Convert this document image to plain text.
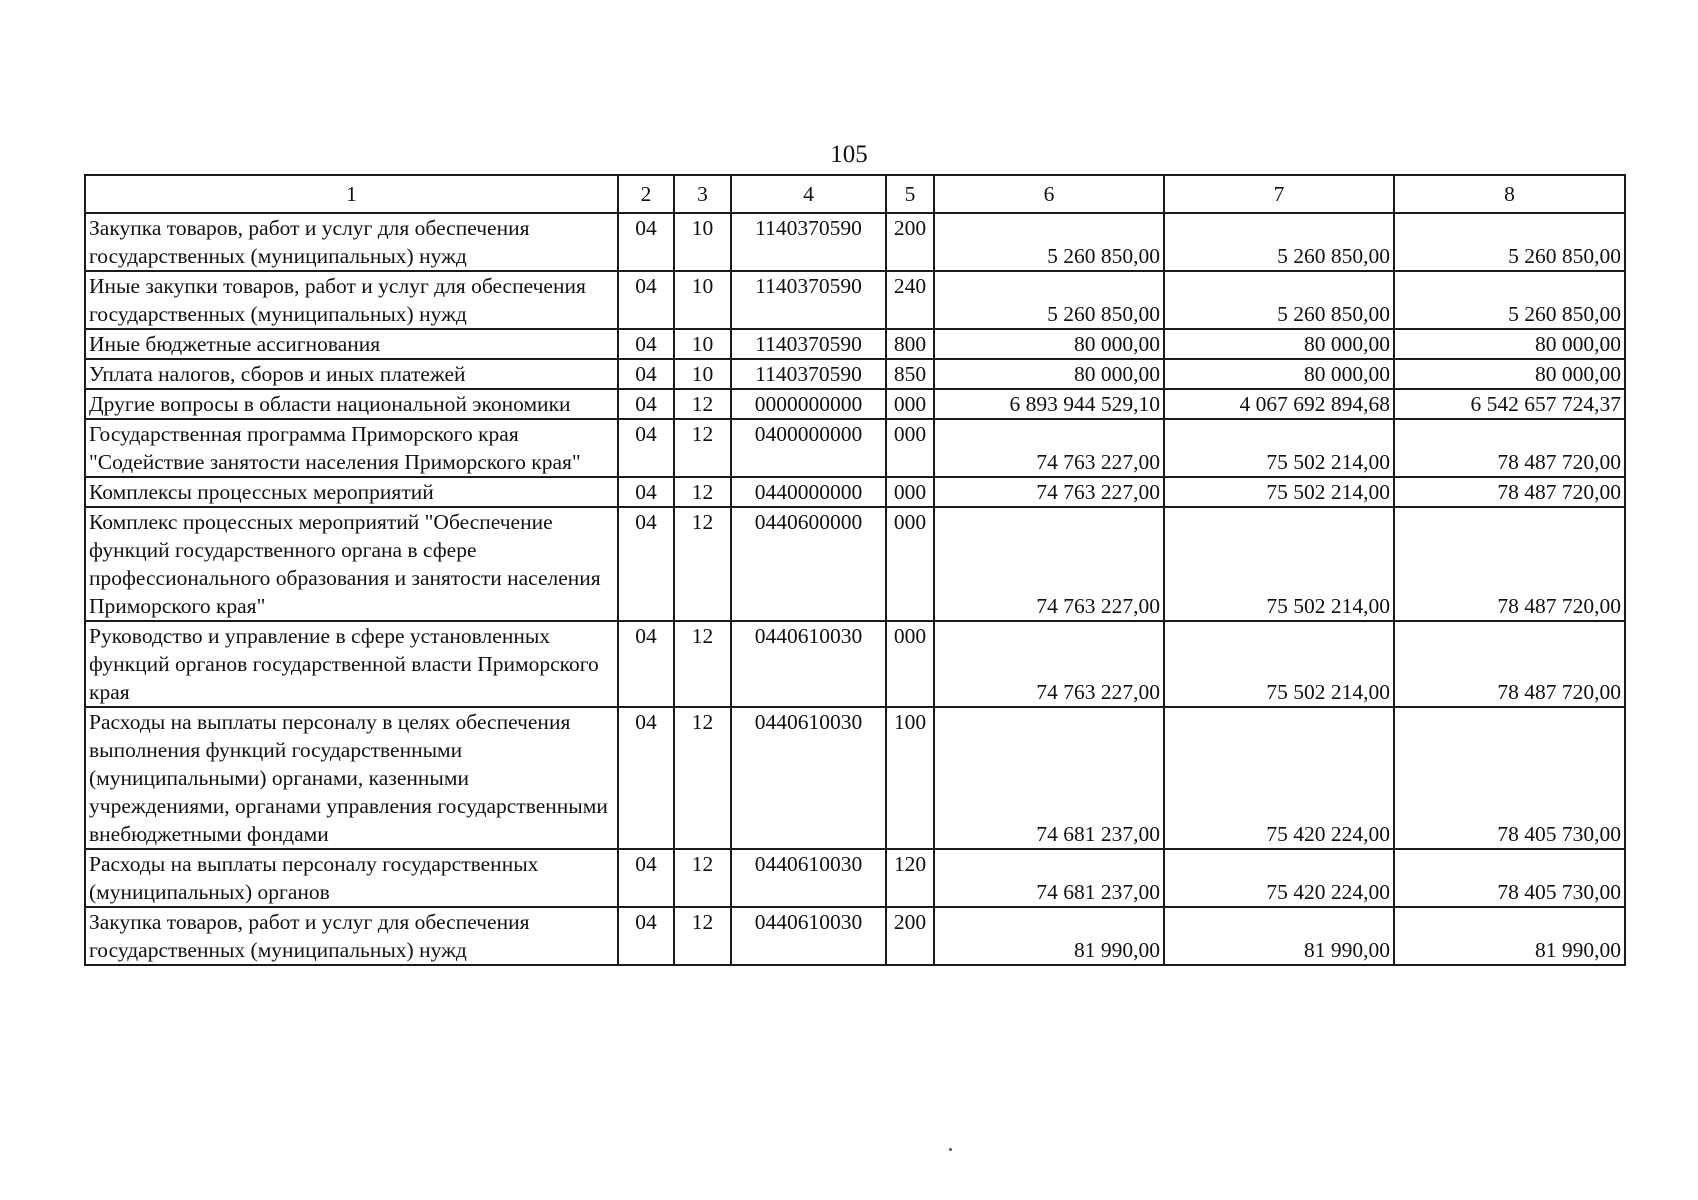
105
1	2	3	4	5	6	7	8
Закупка товаров, работ и услуг для обеспечения государственных (муниципальных) нужд	04	10	1140370590	200	5 260 850,00	5 260 850,00	5 260 850,00
Иные закупки товаров, работ и услуг для обеспечения государственных (муниципальных) нужд	04	10	1140370590	240	5 260 850,00	5 260 850,00	5 260 850,00
Иные бюджетные ассигнования	04	10	1140370590	800	80 000,00	80 000,00	80 000,00
Уплата налогов, сборов и иных платежей	04	10	1140370590	850	80 000,00	80 000,00	80 000,00
Другие вопросы в области национальной экономики	04	12	0000000000	000	6 893 944 529,10	4 067 692 894,68	6 542 657 724,37
Государственная программа Приморского края "Содействие занятости населения Приморского края"	04	12	0400000000	000	74 763 227,00	75 502 214,00	78 487 720,00
Комплексы процессных мероприятий	04	12	0440000000	000	74 763 227,00	75 502 214,00	78 487 720,00
Комплекс процессных мероприятий "Обеспечение функций государственного органа в сфере профессионального образования и занятости населения Приморского края"	04	12	0440600000	000	74 763 227,00	75 502 214,00	78 487 720,00
Руководство и управление в сфере установленных функций органов государственной власти Приморского края	04	12	0440610030	000	74 763 227,00	75 502 214,00	78 487 720,00
Расходы на выплаты персоналу в целях обеспечения выполнения функций государственными (муниципальными) органами, казенными учреждениями, органами управления государственными внебюджетными фондами	04	12	0440610030	100	74 681 237,00	75 420 224,00	78 405 730,00
Расходы на выплаты персоналу государственных (муниципальных) органов	04	12	0440610030	120	74 681 237,00	75 420 224,00	78 405 730,00
Закупка товаров, работ и услуг для обеспечения государственных (муниципальных) нужд	04	12	0440610030	200	81 990,00	81 990,00	81 990,00
